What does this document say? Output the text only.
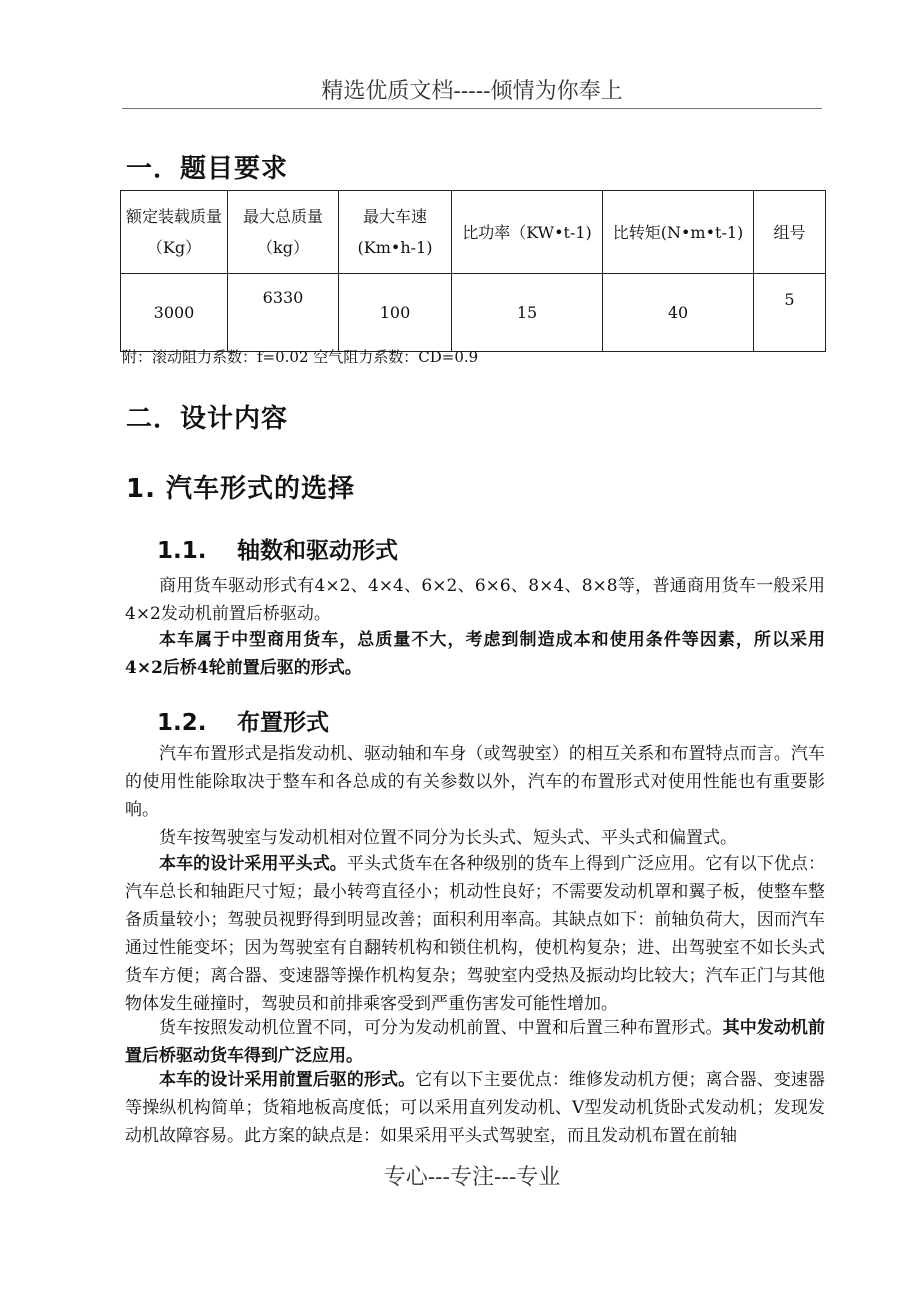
精选优质文档-----倾情为你奉上
一．题目要求
额定装载质量（Kg）	最大总质量（kg）	最大车速(Km•h-1)	比功率（KW•t-1)	比转矩(N•m•t-1)	组号
3000	6330	100	15	40	5
附：滚动阻力系数：f=0.02 空气阻力系数：CD=0.9
二．设计内容
1. 汽车形式的选择
1.1. 轴数和驱动形式

商用货车驱动形式有4×2、4×4、6×2、6×6、8×4、8×8等，普通商用货车一般采用4×2发动机前置后桥驱动。

本车属于中型商用货车，总质量不大，考虑到制造成本和使用条件等因素，所以采用4×2后桥4轮前置后驱的形式。

1.2. 布置形式

汽车布置形式是指发动机、驱动轴和车身（或驾驶室）的相互关系和布置特点而言。汽车的使用性能除取决于整车和各总成的有关参数以外，汽车的布置形式对使用性能也有重要影响。

货车按驾驶室与发动机相对位置不同分为长头式、短头式、平头式和偏置式。

本车的设计采用平头式。平头式货车在各种级别的货车上得到广泛应用。它有以下优点：汽车总长和轴距尺寸短；最小转弯直径小；机动性良好；不需要发动机罩和翼子板，使整车整备质量较小；驾驶员视野得到明显改善；面积利用率高。其缺点如下：前轴负荷大，因而汽车通过性能变坏；因为驾驶室有自翻转机构和锁住机构，使机构复杂；进、出驾驶室不如长头式货车方便；离合器、变速器等操作机构复杂；驾驶室内受热及振动均比较大；汽车正门与其他物体发生碰撞时，驾驶员和前排乘客受到严重伤害发可能性增加。

货车按照发动机位置不同，可分为发动机前置、中置和后置三种布置形式。其中发动机前置后桥驱动货车得到广泛应用。

本车的设计采用前置后驱的形式。它有以下主要优点：维修发动机方便；离合器、变速器等操纵机构简单；货箱地板高度低；可以采用直列发动机、V型发动机货卧式发动机；发现发动机故障容易。此方案的缺点是：如果采用平头式驾驶室，而且发动机布置在前轴

专心---专注---专业
